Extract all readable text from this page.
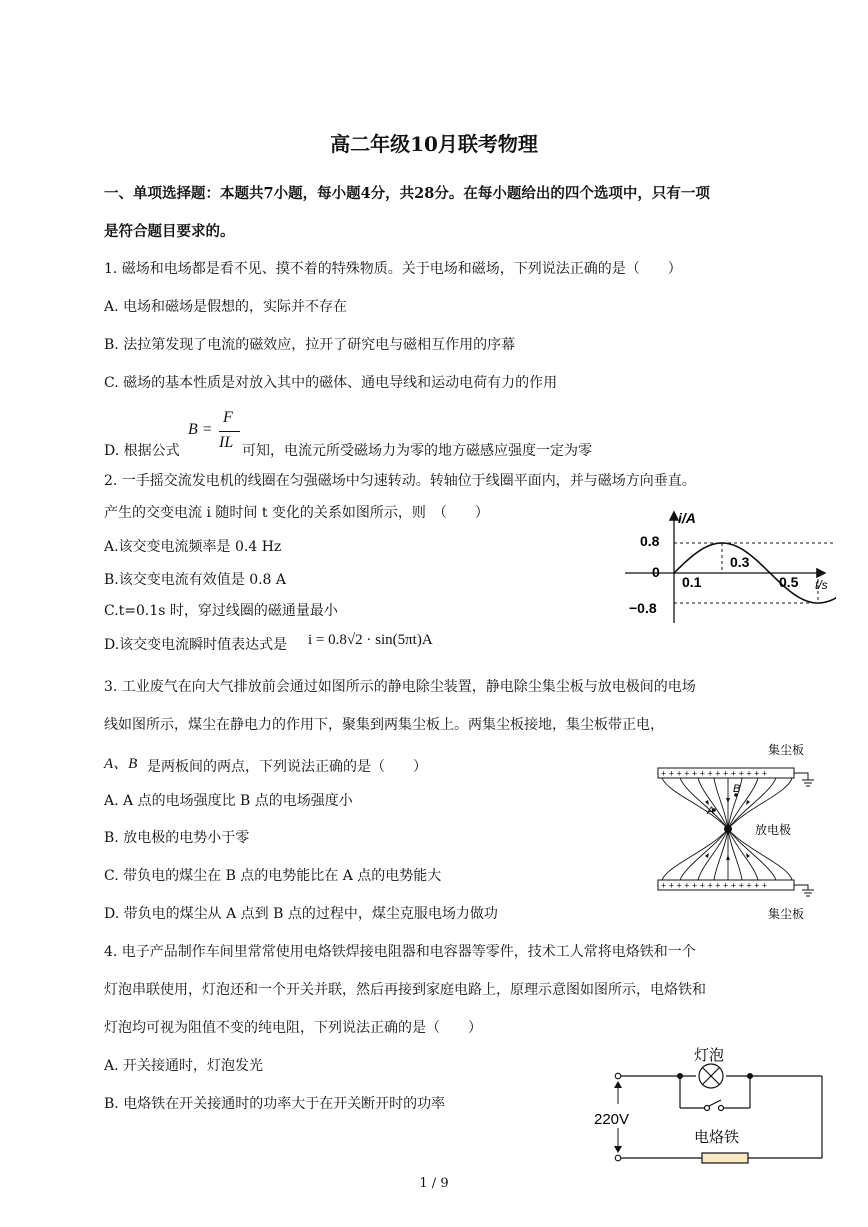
高二年级10月联考物理
一、单项选择题：本题共7小题，每小题4分，共28分。在每小题给出的四个选项中，只有一项
是符合题目要求的。
1. 磁场和电场都是看不见、摸不着的特殊物质。关于电场和磁场，下列说法正确的是（　　）
A. 电场和磁场是假想的，实际并不存在
B. 法拉第发现了电流的磁效应，拉开了研究电与磁相互作用的序幕
C. 磁场的基本性质是对放入其中的磁体、通电导线和运动电荷有力的作用
D. 根据公式
B =
F
IL 可知，电流元所受磁场力为零的地方磁感应强度一定为零
2. 一手摇交流发电机的线圈在匀强磁场中匀速转动。转轴位于线圈平面内，并与磁场方向垂直。
产生的交变电流 i 随时间 t 变化的关系如图所示，则　（　　）
A.该交变电流频率是 0.4 Hz
B.该交变电流有效值是 0.8 A
C.t=0.1s 时，穿过线圈的磁通量最小
D.该交变电流瞬时值表达式是 i = 0.8√2 · sin(5πt)A
i/A
t/s
0
0.8
−0.8
0.1
0.3
0.5
3. 工业废气在向大气排放前会通过如图所示的静电除尘装置，静电除尘集尘板与放电极间的电场
线如图所示，煤尘在静电力的作用下，聚集到两集尘板上。两集尘板接地，集尘板带正电，
A、B 是两板间的两点，下列说法正确的是（　　）
A. A 点的电场强度比 B 点的电场强度小
B. 放电极的电势小于零
C. 带负电的煤尘在 B 点的电势能比在 A 点的电势能大
D. 带负电的煤尘从 A 点到 B 点的过程中，煤尘克服电场力做功
+ + + + + + + + + + + + + +
+ + + + + + + + + + + + + +
A
B
集尘板
集尘板
放电极
4. 电子产品制作车间里常常使用电烙铁焊接电阻器和电容器等零件，技术工人常将电烙铁和一个
灯泡串联使用，灯泡还和一个开关并联，然后再接到家庭电路上，原理示意图如图所示，电烙铁和
灯泡均可视为阻值不变的纯电阻，下列说法正确的是（　　）
A. 开关接通时，灯泡发光
B. 电烙铁在开关接通时的功率大于在开关断开时的功率
灯泡
220V
电烙铁
1 / 9
